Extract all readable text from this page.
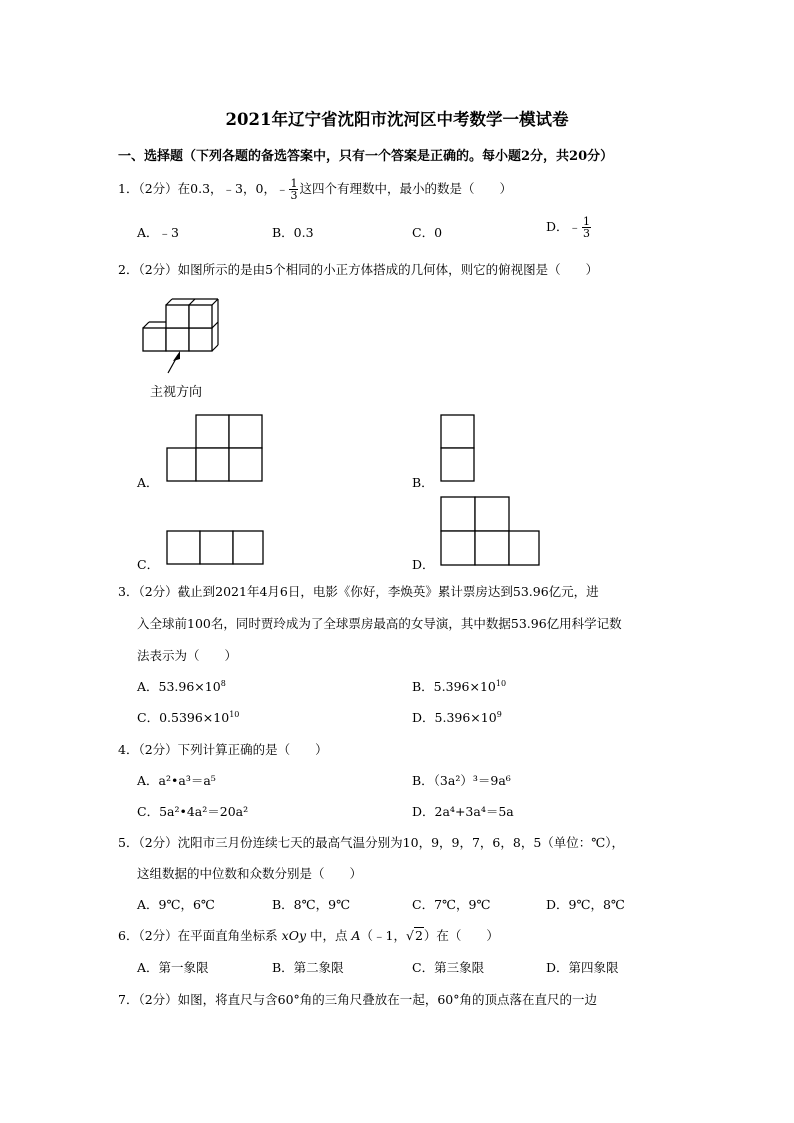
2021年辽宁省沈阳市沈河区中考数学一模试卷
一、选择题（下列各题的备选答案中，只有一个答案是正确的。每小题2分，共20分）
1．（2分）在0.3，﹣3，0，﹣ $\frac{1}{3}$ 这四个有理数中，最小的数是（　　）
A．﹣3	B．0.3	C．0	D．﹣ $\frac{1}{3}$
2．（2分）如图所示的是由5个相同的小正方体搭成的几何体，则它的俯视图是（　　）
主视方向
A．	B．
C．	D．
3．（2分）截止到2021年4月6日，电影《你好，李焕英》累计票房达到53.96亿元，进
入全球前100名，同时贾玲成为了全球票房最高的女导演，其中数据53.96亿用科学记数
法表示为（　　）
A．$53.96\times 10^8$	B．$5.396\times 10^{10}$
C．$0.5396\times 10^{10}$	D．$5.396\times 10^9$
4．（2分）下列计算正确的是（　　）
A．a²•a³＝a⁵	B．（3a²）³＝9a⁶
C．5a²•4a²＝20a²	D．2a⁴+3a⁴＝5a
5．（2分）沈阳市三月份连续七天的最高气温分别为10，9，9，7，6，8，5（单位：℃），
这组数据的中位数和众数分别是（　　）
A．9℃，6℃	B．8℃，9℃	C．7℃，9℃	D．9℃，8℃
6．（2分）在平面直角坐标系 xOy 中，点 A（﹣1，√2）在（　　）
A．第一象限	B．第二象限	C．第三象限	D．第四象限
7．（2分）如图，将直尺与含60°角的三角尺叠放在一起，60°角的顶点落在直尺的一边
